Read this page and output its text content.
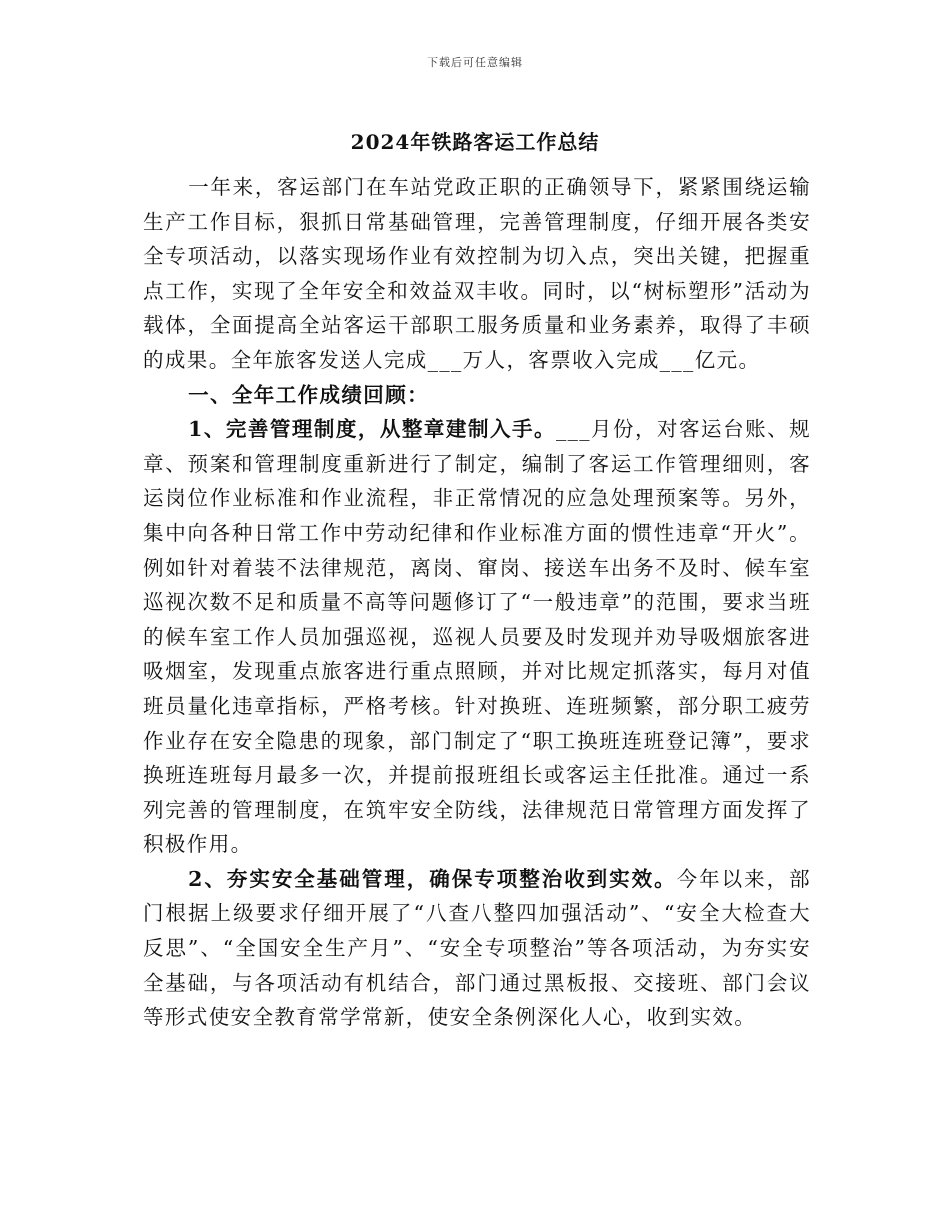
下载后可任意编辑
2024年铁路客运工作总结

一年来，客运部门在车站党政正职的正确领导下，紧紧围绕运输生产工作目标，狠抓日常基础管理，完善管理制度，仔细开展各类安全专项活动，以落实现场作业有效控制为切入点，突出关键，把握重点工作，实现了全年安全和效益双丰收。同时，以“树标塑形”活动为载体，全面提高全站客运干部职工服务质量和业务素养，取得了丰硕的成果。全年旅客发送人完成___万人，客票收入完成___亿元。

一、全年工作成绩回顾：

1、完善管理制度，从整章建制入手。___月份，对客运台账、规章、预案和管理制度重新进行了制定，编制了客运工作管理细则，客运岗位作业标准和作业流程，非正常情况的应急处理预案等。另外，集中向各种日常工作中劳动纪律和作业标准方面的惯性违章“开火”。例如针对着装不法律规范，离岗、窜岗、接送车出务不及时、候车室巡视次数不足和质量不高等问题修订了“一般违章”的范围，要求当班的候车室工作人员加强巡视，巡视人员要及时发现并劝导吸烟旅客进吸烟室，发现重点旅客进行重点照顾，并对比规定抓落实，每月对值班员量化违章指标，严格考核。针对换班、连班频繁，部分职工疲劳作业存在安全隐患的现象，部门制定了“职工换班连班登记簿”，要求换班连班每月最多一次，并提前报班组长或客运主任批准。通过一系列完善的管理制度，在筑牢安全防线，法律规范日常管理方面发挥了积极作用。

2、夯实安全基础管理，确保专项整治收到实效。今年以来，部门根据上级要求仔细开展了“八查八整四加强活动”、“安全大检查大反思”、“全国安全生产月”、“安全专项整治”等各项活动，为夯实安全基础，与各项活动有机结合，部门通过黑板报、交接班、部门会议等形式使安全教育常学常新，使安全条例深化人心，收到实效。
